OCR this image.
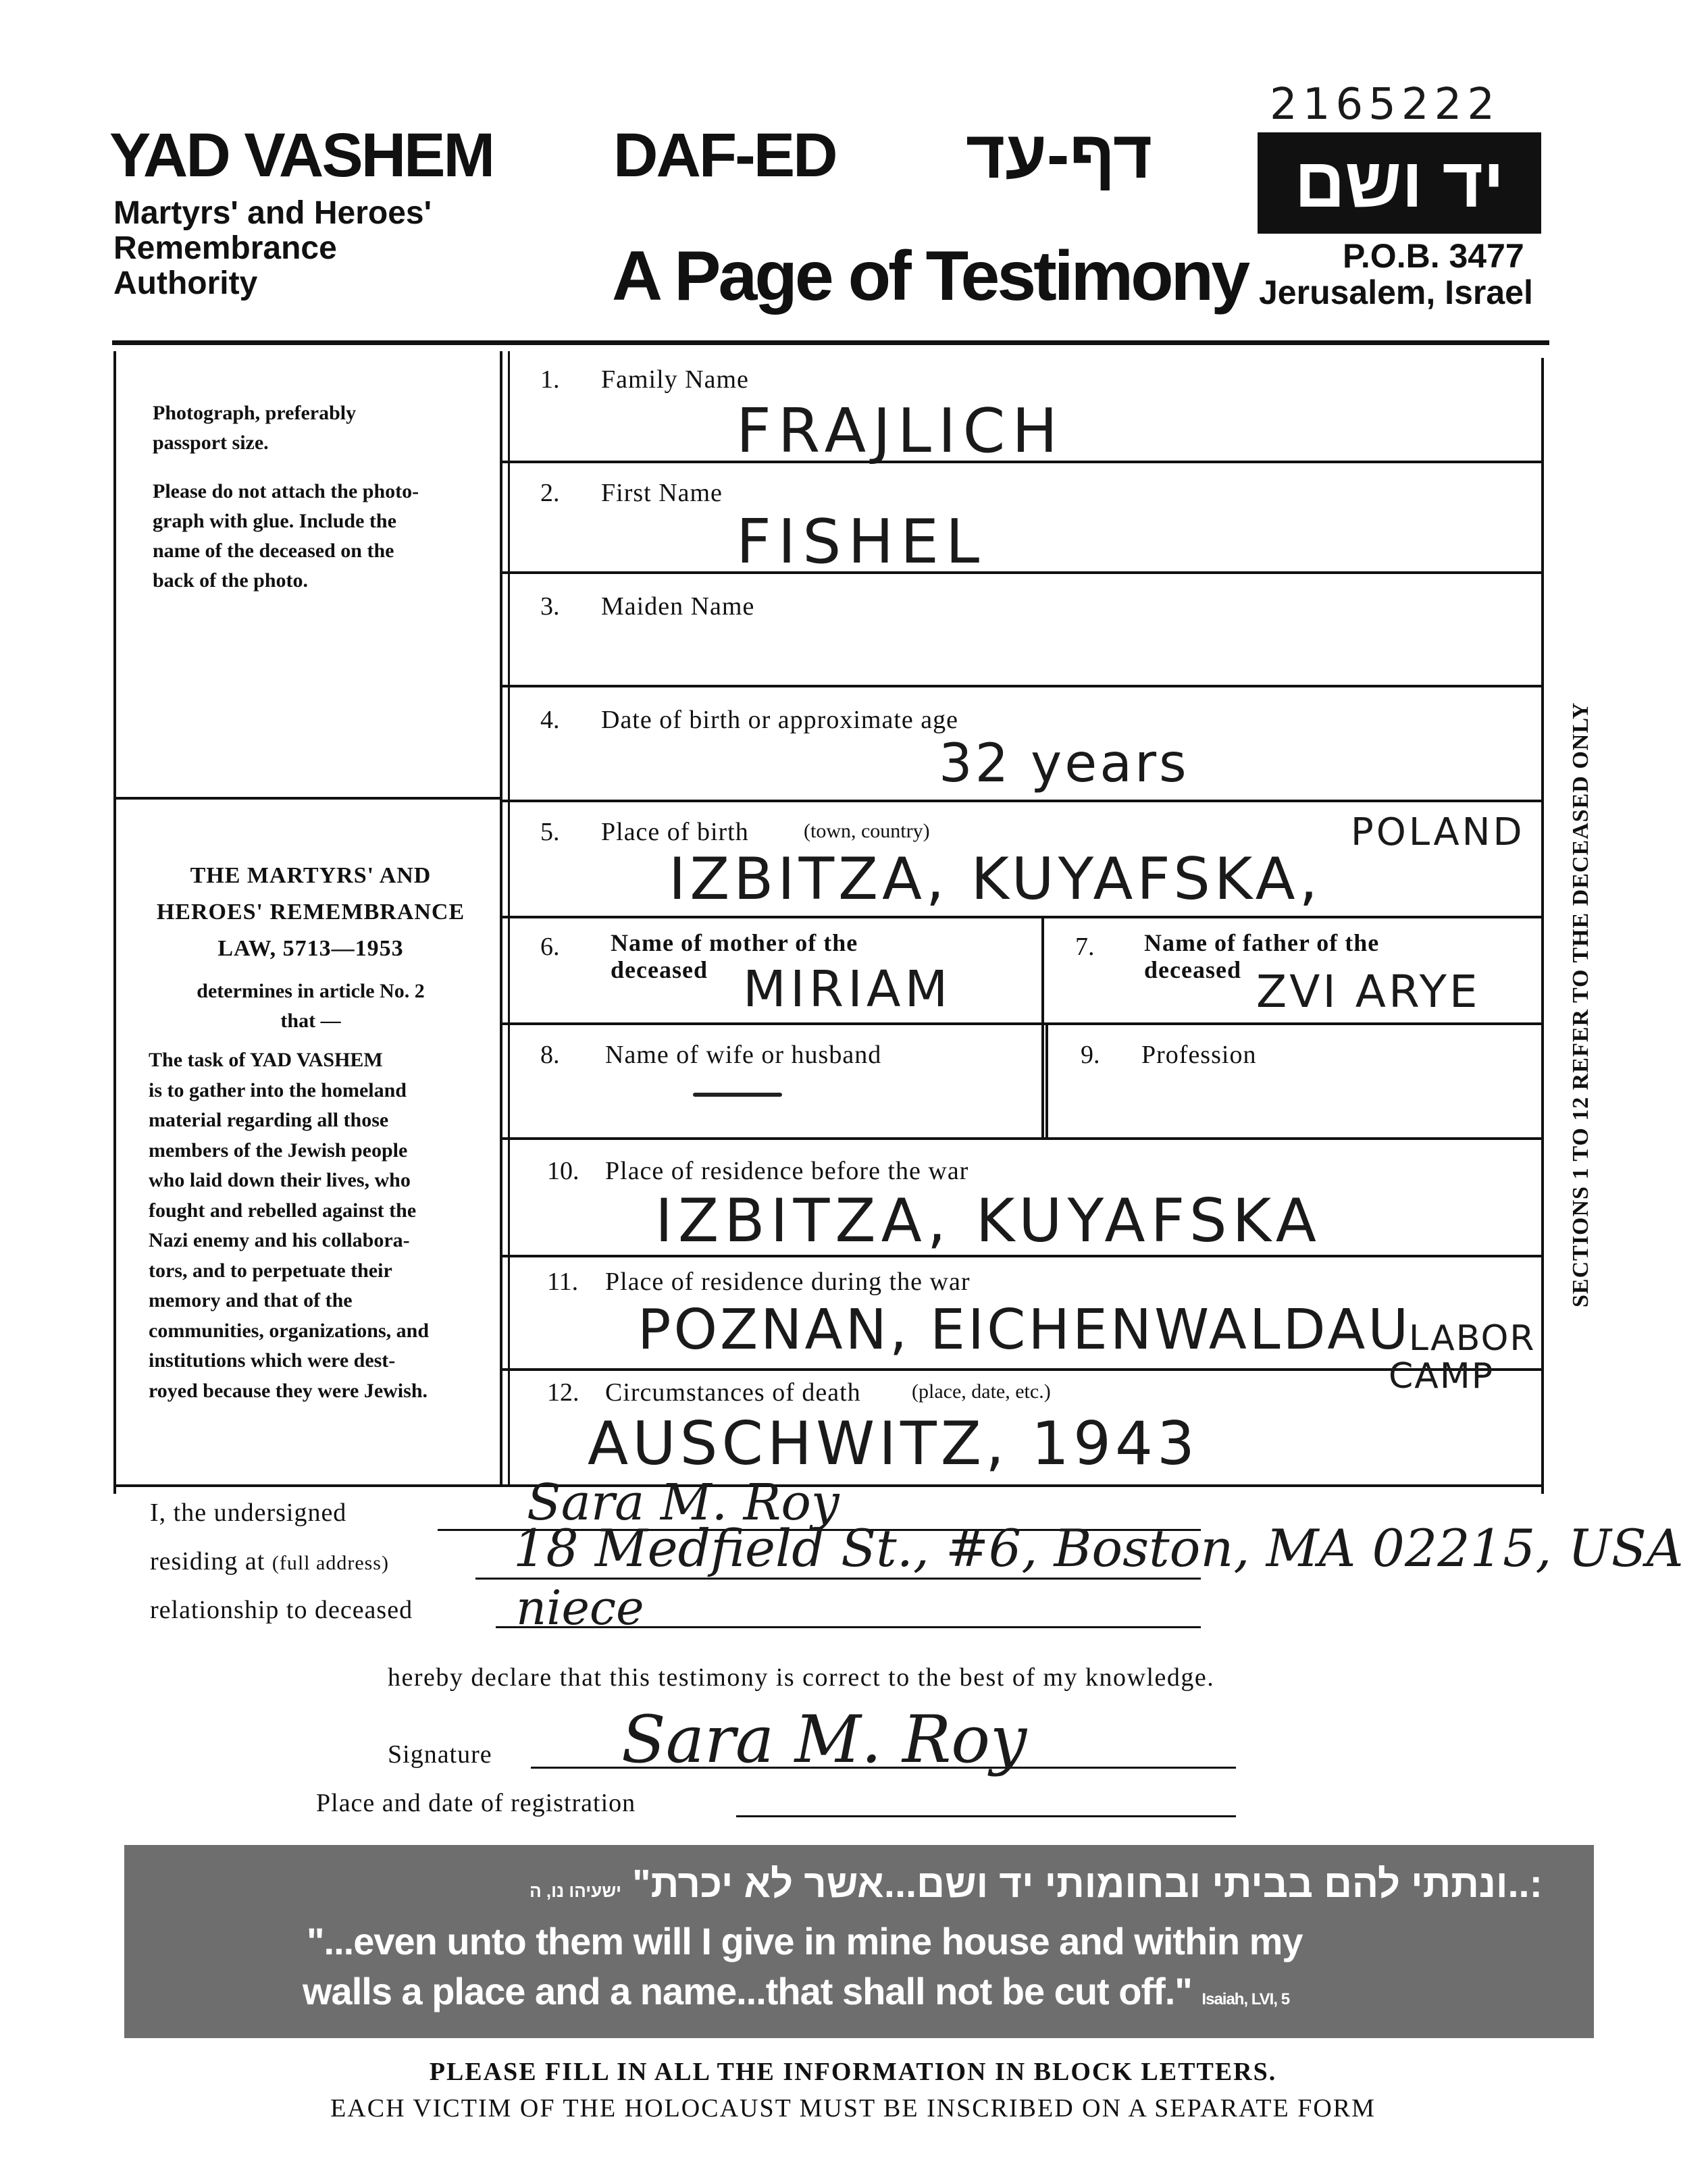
2165222
YAD VASHEM
Martyrs' and Heroes'
Remembrance
Authority
DAF-ED דף-עד
A Page of Testimony
יד ושם
P.O.B. 3477
Jerusalem, Israel
Photograph, preferably
passport size.
Please do not attach the photo-
graph with glue. Include the
name of the deceased on the
back of the photo.
THE MARTYRS' AND
HEROES' REMEMBRANCE
LAW, 5713—1953
determines in article No. 2
that —
The task of YAD VASHEM
is to gather into the homeland
material regarding all those
members of the Jewish people
who laid down their lives, who
fought and rebelled against the
Nazi enemy and his collabora-
tors, and to perpetuate their
memory and that of the
communities, organizations, and
institutions which were dest-
royed because they were Jewish.
1. Family Name
FRAJLICH
2. First Name
FISHEL
3. Maiden Name
4. Date of birth or approximate age
32 years
5. Place of birth	(town, country)	POLAND
IZBITZA, KUYAFSKA,
6. Name of mother of the
deceased MIRIAM
7. Name of father of the
deceased ZVI ARYE
8. Name of wife or husband	9. Profession
10. Place of residence before the war
IZBITZA, KUYAFSKA
11. Place of residence during the war
POZNAN, EICHENWALDAU
LABOR
CAMP
12. Circumstances of death	(place, date, etc.)
AUSCHWITZ, 1943
SECTIONS 1 TO 12 REFER TO THE DECEASED ONLY
I, the undersigned	Sara M. Roy
residing at (full address) 18 Medfield St., #6, Boston, MA 02215, USA
relationship to deceased niece
hereby declare that this testimony is correct to the best of my knowledge.
Signature Sara M. Roy
Place and date of registration
:..ונתתי להם בביתי ובחומותי יד ושם...אשר לא יכרת" ישעיהו נו, ה
"...even unto them will I give in mine house and within my
walls a place and a name...that shall not be cut off." Isaiah, LVI, 5
PLEASE FILL IN ALL THE INFORMATION IN BLOCK LETTERS.
EACH VICTIM OF THE HOLOCAUST MUST BE INSCRIBED ON A SEPARATE FORM
